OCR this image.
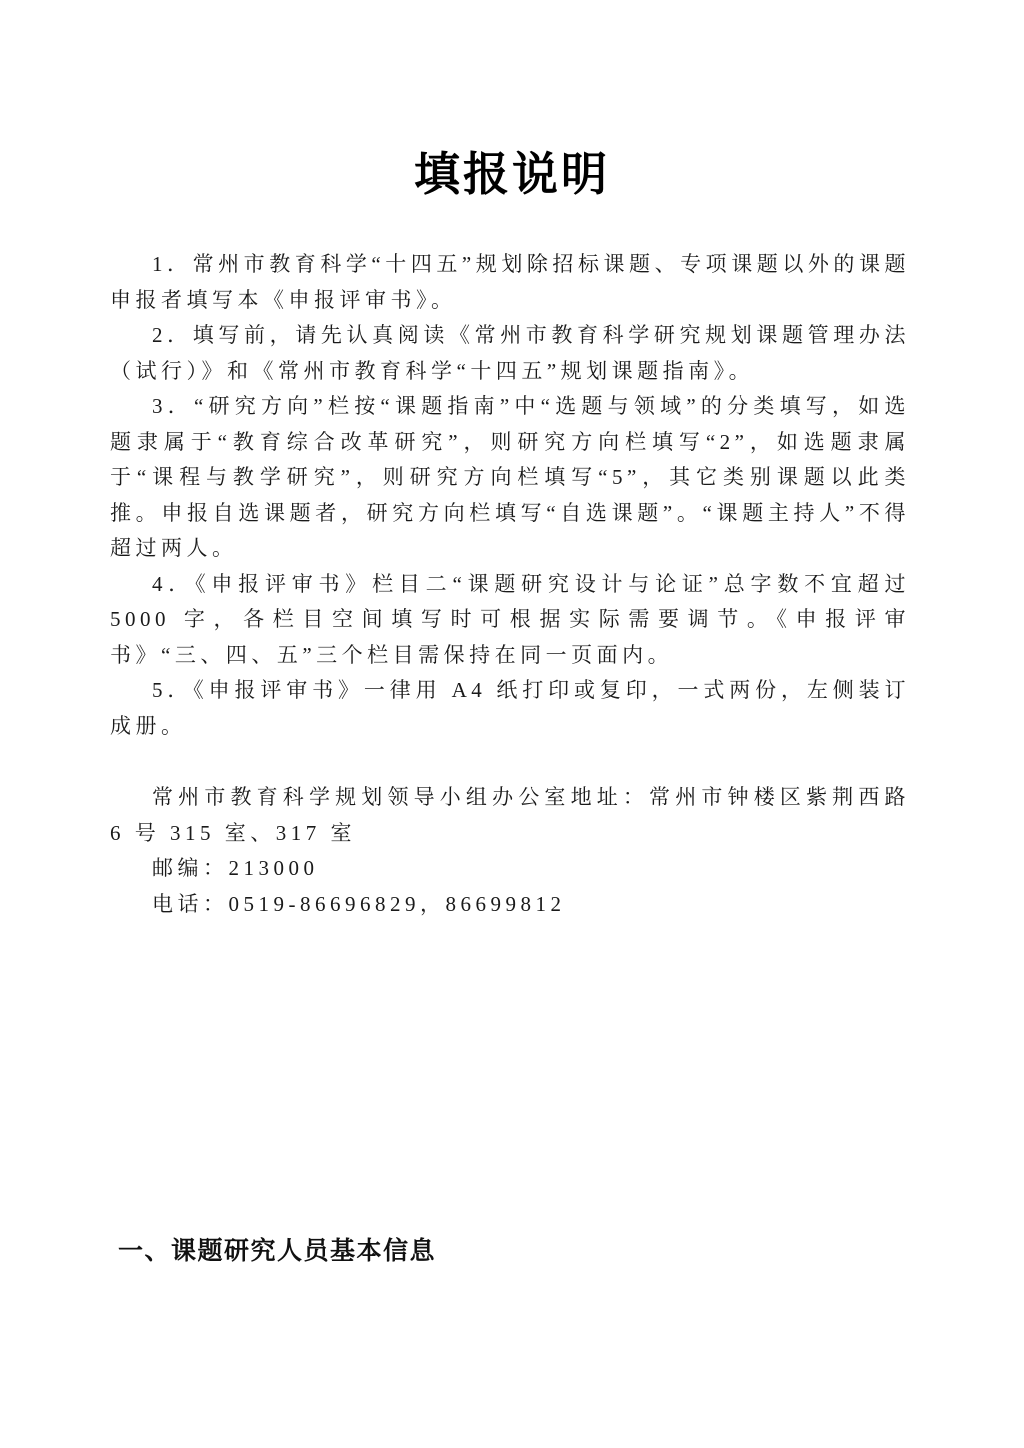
填报说明

1．常州市教育科学“十四五”规划除招标课题、专项课题以外的课题申报者填写本《申报评审书》。

2．填写前，请先认真阅读《常州市教育科学研究规划课题管理办法（试行）》和《常州市教育科学“十四五”规划课题指南》。

3．“研究方向”栏按“课题指南”中“选题与领域”的分类填写，如选题隶属于“教育综合改革研究”，则研究方向栏填写“2”，如选题隶属于“课程与教学研究”，则研究方向栏填写“5”，其它类别课题以此类推。申报自选课题者，研究方向栏填写“自选课题”。“课题主持人”不得超过两人。

4．《申报评审书》栏目二“课题研究设计与论证”总字数不宜超过 5000 字，各栏目空间填写时可根据实际需要调节。《申报评审书》“三、四、五”三个栏目需保持在同一页面内。

5．《申报评审书》一律用 A4 纸打印或复印，一式两份，左侧装订成册。

常州市教育科学规划领导小组办公室地址：常州市钟楼区紫荆西路 6 号 315 室、317 室

邮编：213000

电话：0519-86696829，86699812

一、课题研究人员基本信息
